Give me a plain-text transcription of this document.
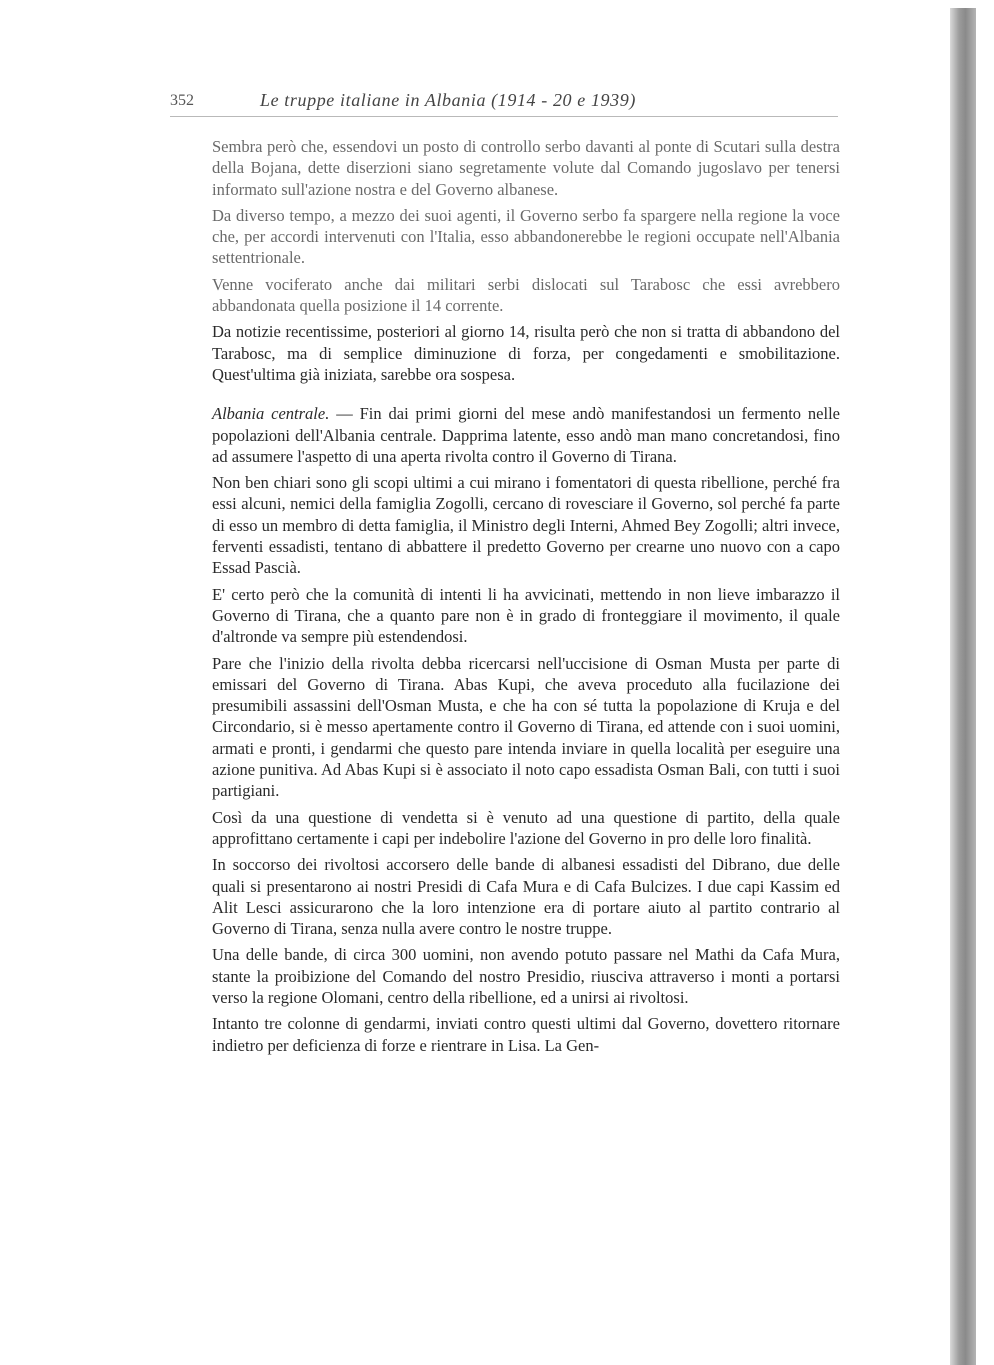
352	Le truppe italiane in Albania (1914 - 20 e 1939)

Sembra però che, essendovi un posto di controllo serbo davanti al ponte di Scutari sulla destra della Bojana, dette diserzioni siano segretamente volute dal Comando jugoslavo per tenersi informato sull'azione nostra e del Governo albanese.

Da diverso tempo, a mezzo dei suoi agenti, il Governo serbo fa spargere nella regione la voce che, per accordi intervenuti con l'Italia, esso abbandonerebbe le regioni occupate nell'Albania settentrionale.

Venne vociferato anche dai militari serbi dislocati sul Tarabosc che essi avrebbero abbandonata quella posizione il 14 corrente.

Da notizie recentissime, posteriori al giorno 14, risulta però che non si tratta di abbandono del Tarabosc, ma di semplice diminuzione di forza, per congedamenti e smobilitazione. Quest'ultima già iniziata, sarebbe ora sospesa.

Albania centrale. — Fin dai primi giorni del mese andò manifestandosi un fermento nelle popolazioni dell'Albania centrale. Dapprima latente, esso andò man mano concretandosi, fino ad assumere l'aspetto di una aperta rivolta contro il Governo di Tirana.

Non ben chiari sono gli scopi ultimi a cui mirano i fomentatori di questa ribellione, perché fra essi alcuni, nemici della famiglia Zogolli, cercano di rovesciare il Governo, sol perché fa parte di esso un membro di detta famiglia, il Ministro degli Interni, Ahmed Bey Zogolli; altri invece, ferventi essadisti, tentano di abbattere il predetto Governo per crearne uno nuovo con a capo Essad Pascià.

E' certo però che la comunità di intenti li ha avvicinati, mettendo in non lieve imbarazzo il Governo di Tirana, che a quanto pare non è in grado di fronteggiare il movimento, il quale d'altronde va sempre più estendendosi.

Pare che l'inizio della rivolta debba ricercarsi nell'uccisione di Osman Musta per parte di emissari del Governo di Tirana. Abas Kupi, che aveva proceduto alla fucilazione dei presumibili assassini dell'Osman Musta, e che ha con sé tutta la popolazione di Kruja e del Circondario, si è messo apertamente contro il Governo di Tirana, ed attende con i suoi uomini, armati e pronti, i gendarmi che questo pare intenda inviare in quella località per eseguire una azione punitiva. Ad Abas Kupi si è associato il noto capo essadista Osman Bali, con tutti i suoi partigiani.

Così da una questione di vendetta si è venuto ad una questione di partito, della quale approfittano certamente i capi per indebolire l'azione del Governo in pro delle loro finalità.

In soccorso dei rivoltosi accorsero delle bande di albanesi essadisti del Dibrano, due delle quali si presentarono ai nostri Presidi di Cafa Mura e di Cafa Bulcizes. I due capi Kassim ed Alit Lesci assicurarono che la loro intenzione era di portare aiuto al partito contrario al Governo di Tirana, senza nulla avere contro le nostre truppe.

Una delle bande, di circa 300 uomini, non avendo potuto passare nel Mathi da Cafa Mura, stante la proibizione del Comando del nostro Presidio, riusciva attraverso i monti a portarsi verso la regione Olomani, centro della ribellione, ed a unirsi ai rivoltosi.

Intanto tre colonne di gendarmi, inviati contro questi ultimi dal Governo, dovettero ritornare indietro per deficienza di forze e rientrare in Lisa. La Gen-
